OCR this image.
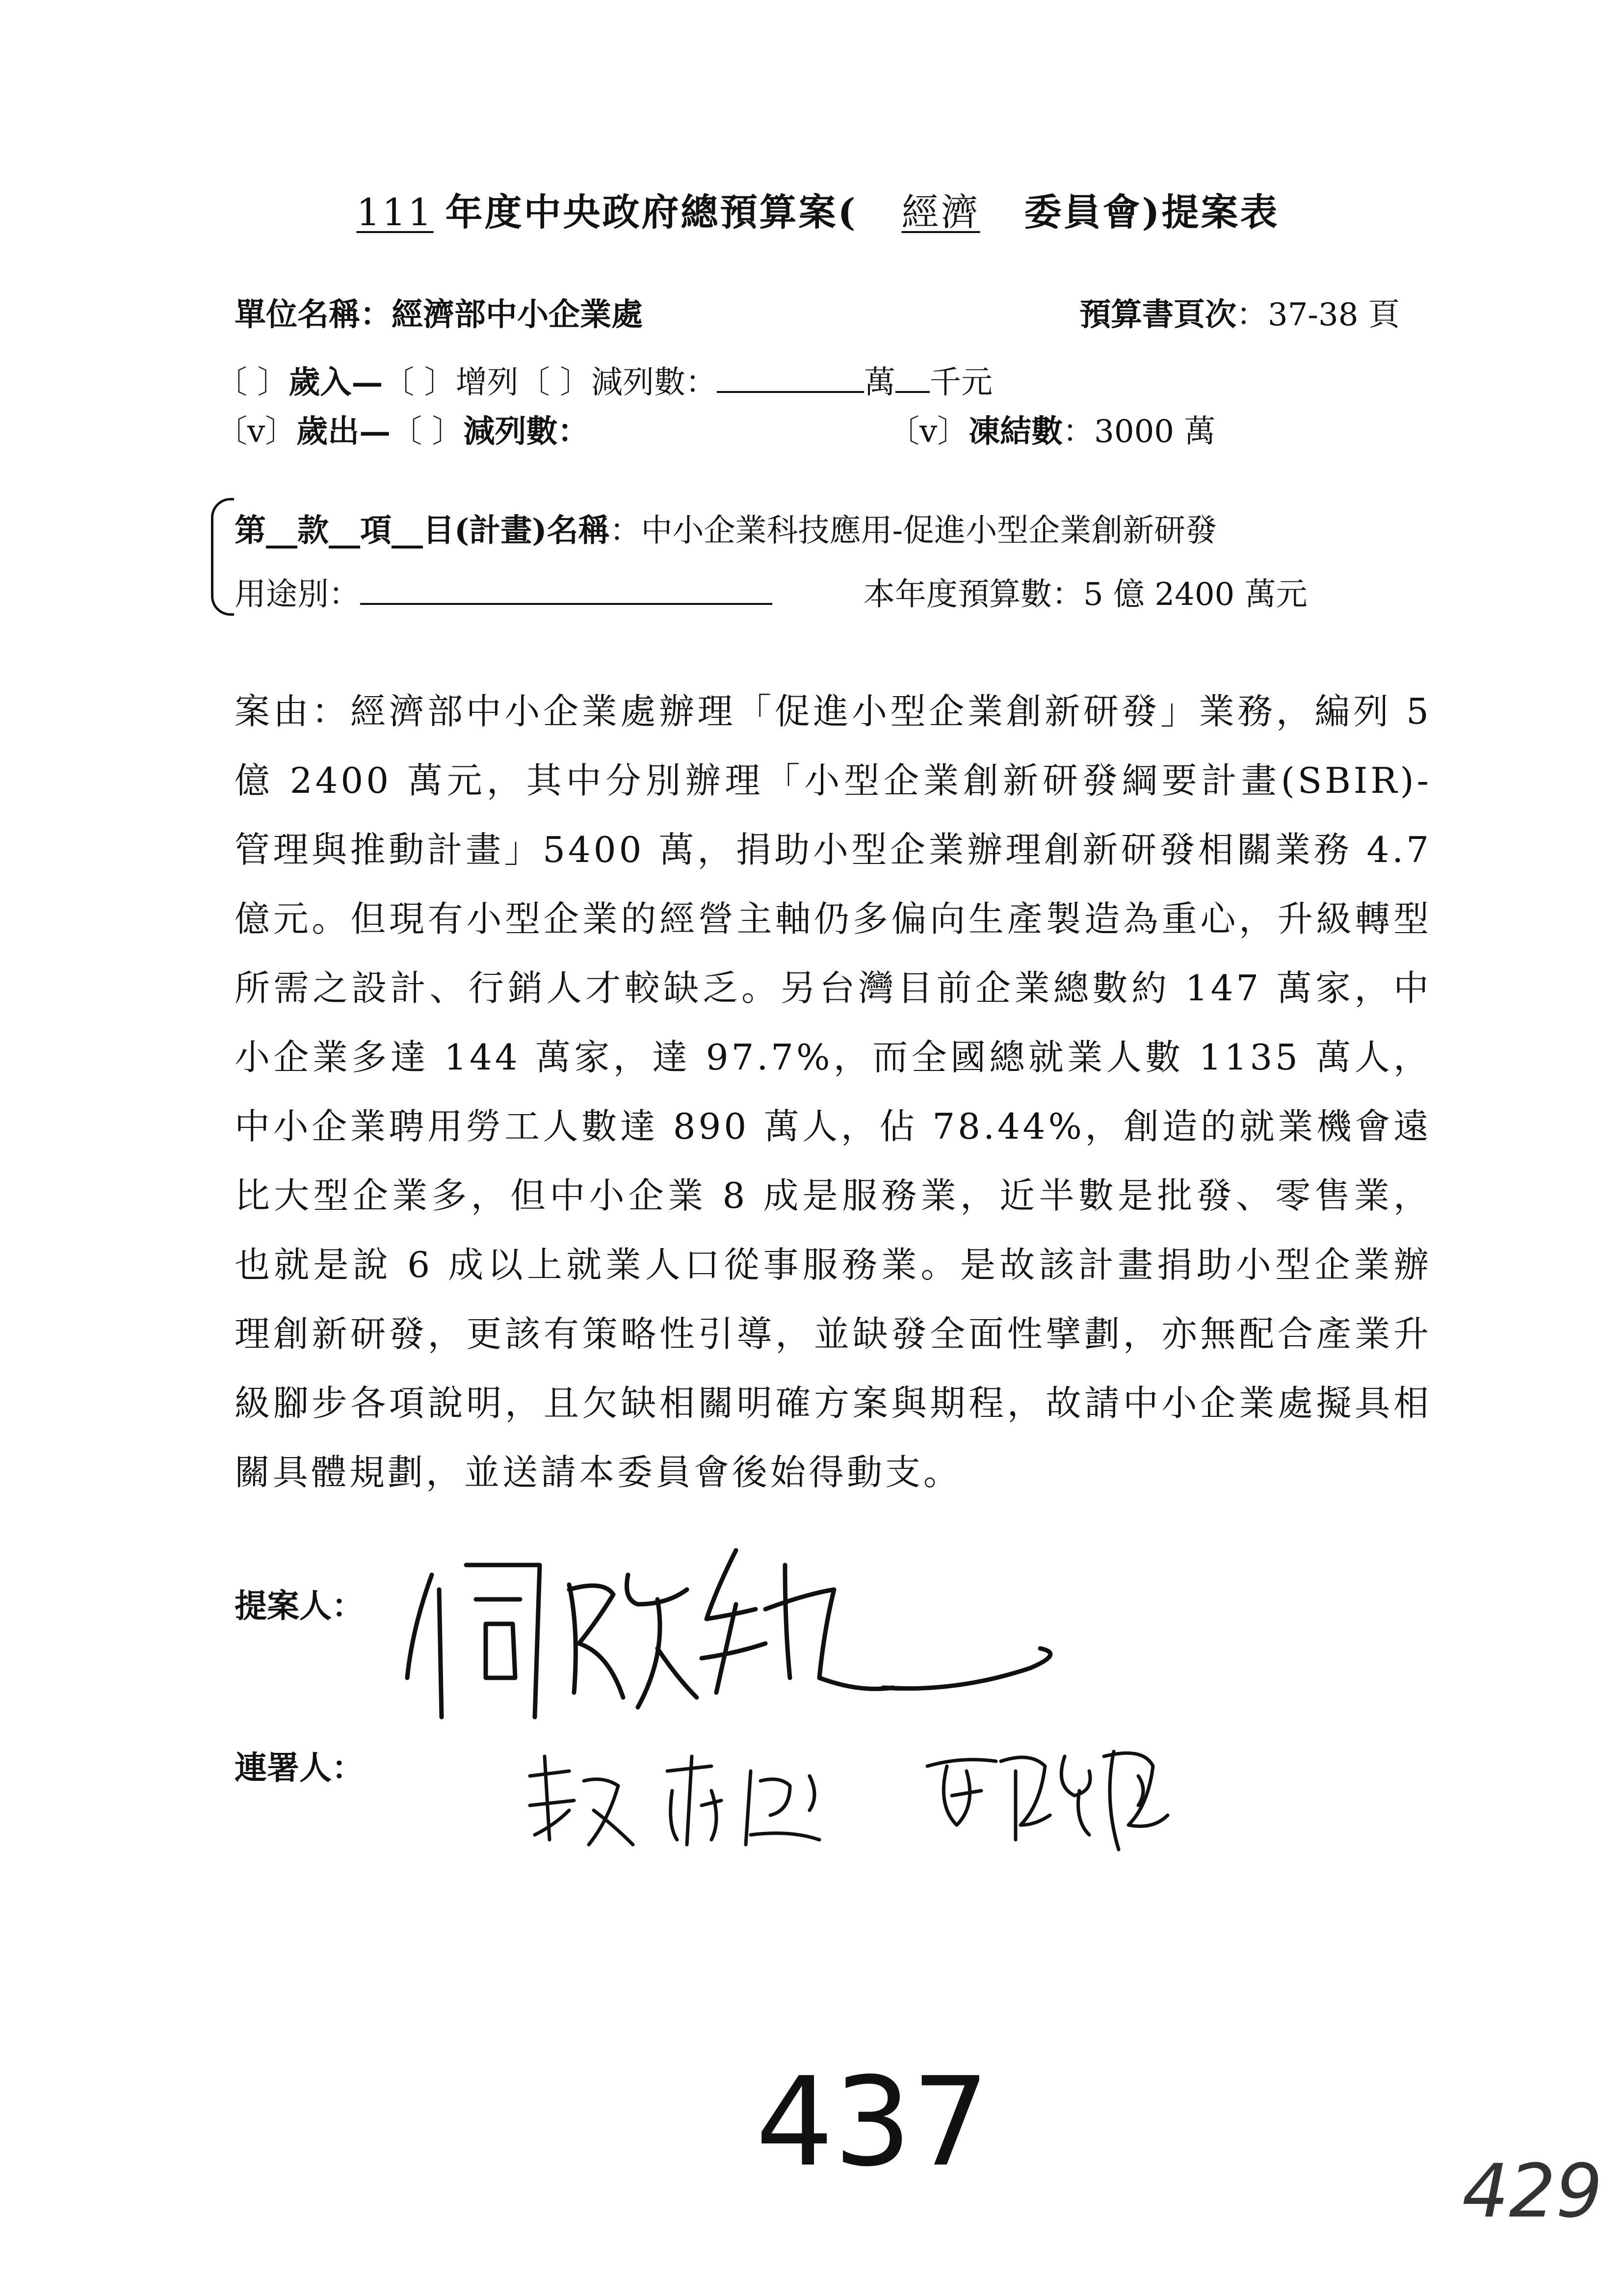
111 年度中央政府總預算案( 經濟 委員會)提案表
單位名稱：經濟部中小企業處	預算書頁次：37-38 頁
〔 〕歲入—〔 〕增列〔 〕減列數：	萬 千元
〔v〕歲出—〔 〕減列數：	〔v〕凍結數：3000 萬
第__款__項__目(計畫)名稱：中小企業科技應用-促進小型企業創新研發
用途別：	本年度預算數：5 億 2400 萬元
案由：經濟部中小企業處辦理「促進小型企業創新研發」業務，編列 5 億 2400 萬元，其中分別辦理「小型企業創新研發綱要計畫(SBIR)-管理與推動計畫」5400 萬，捐助小型企業辦理創新研發相關業務 4.7 億元。但現有小型企業的經營主軸仍多偏向生產製造為重心，升級轉型所需之設計、行銷人才較缺乏。另台灣目前企業總數約 147 萬家，中小企業多達 144 萬家，達 97.7%，而全國總就業人數 1135 萬人，中小企業聘用勞工人數達 890 萬人，佔 78.44%，創造的就業機會遠比大型企業多，但中小企業 8 成是服務業，近半數是批發、零售業，也就是說 6 成以上就業人口從事服務業。是故該計畫捐助小型企業辦理創新研發，更該有策略性引導，並缺發全面性擘劃，亦無配合產業升級腳步各項說明，且欠缺相關明確方案與期程，故請中小企業處擬具相關具體規劃，並送請本委員會後始得動支。
提案人：
連署人：
437	429
